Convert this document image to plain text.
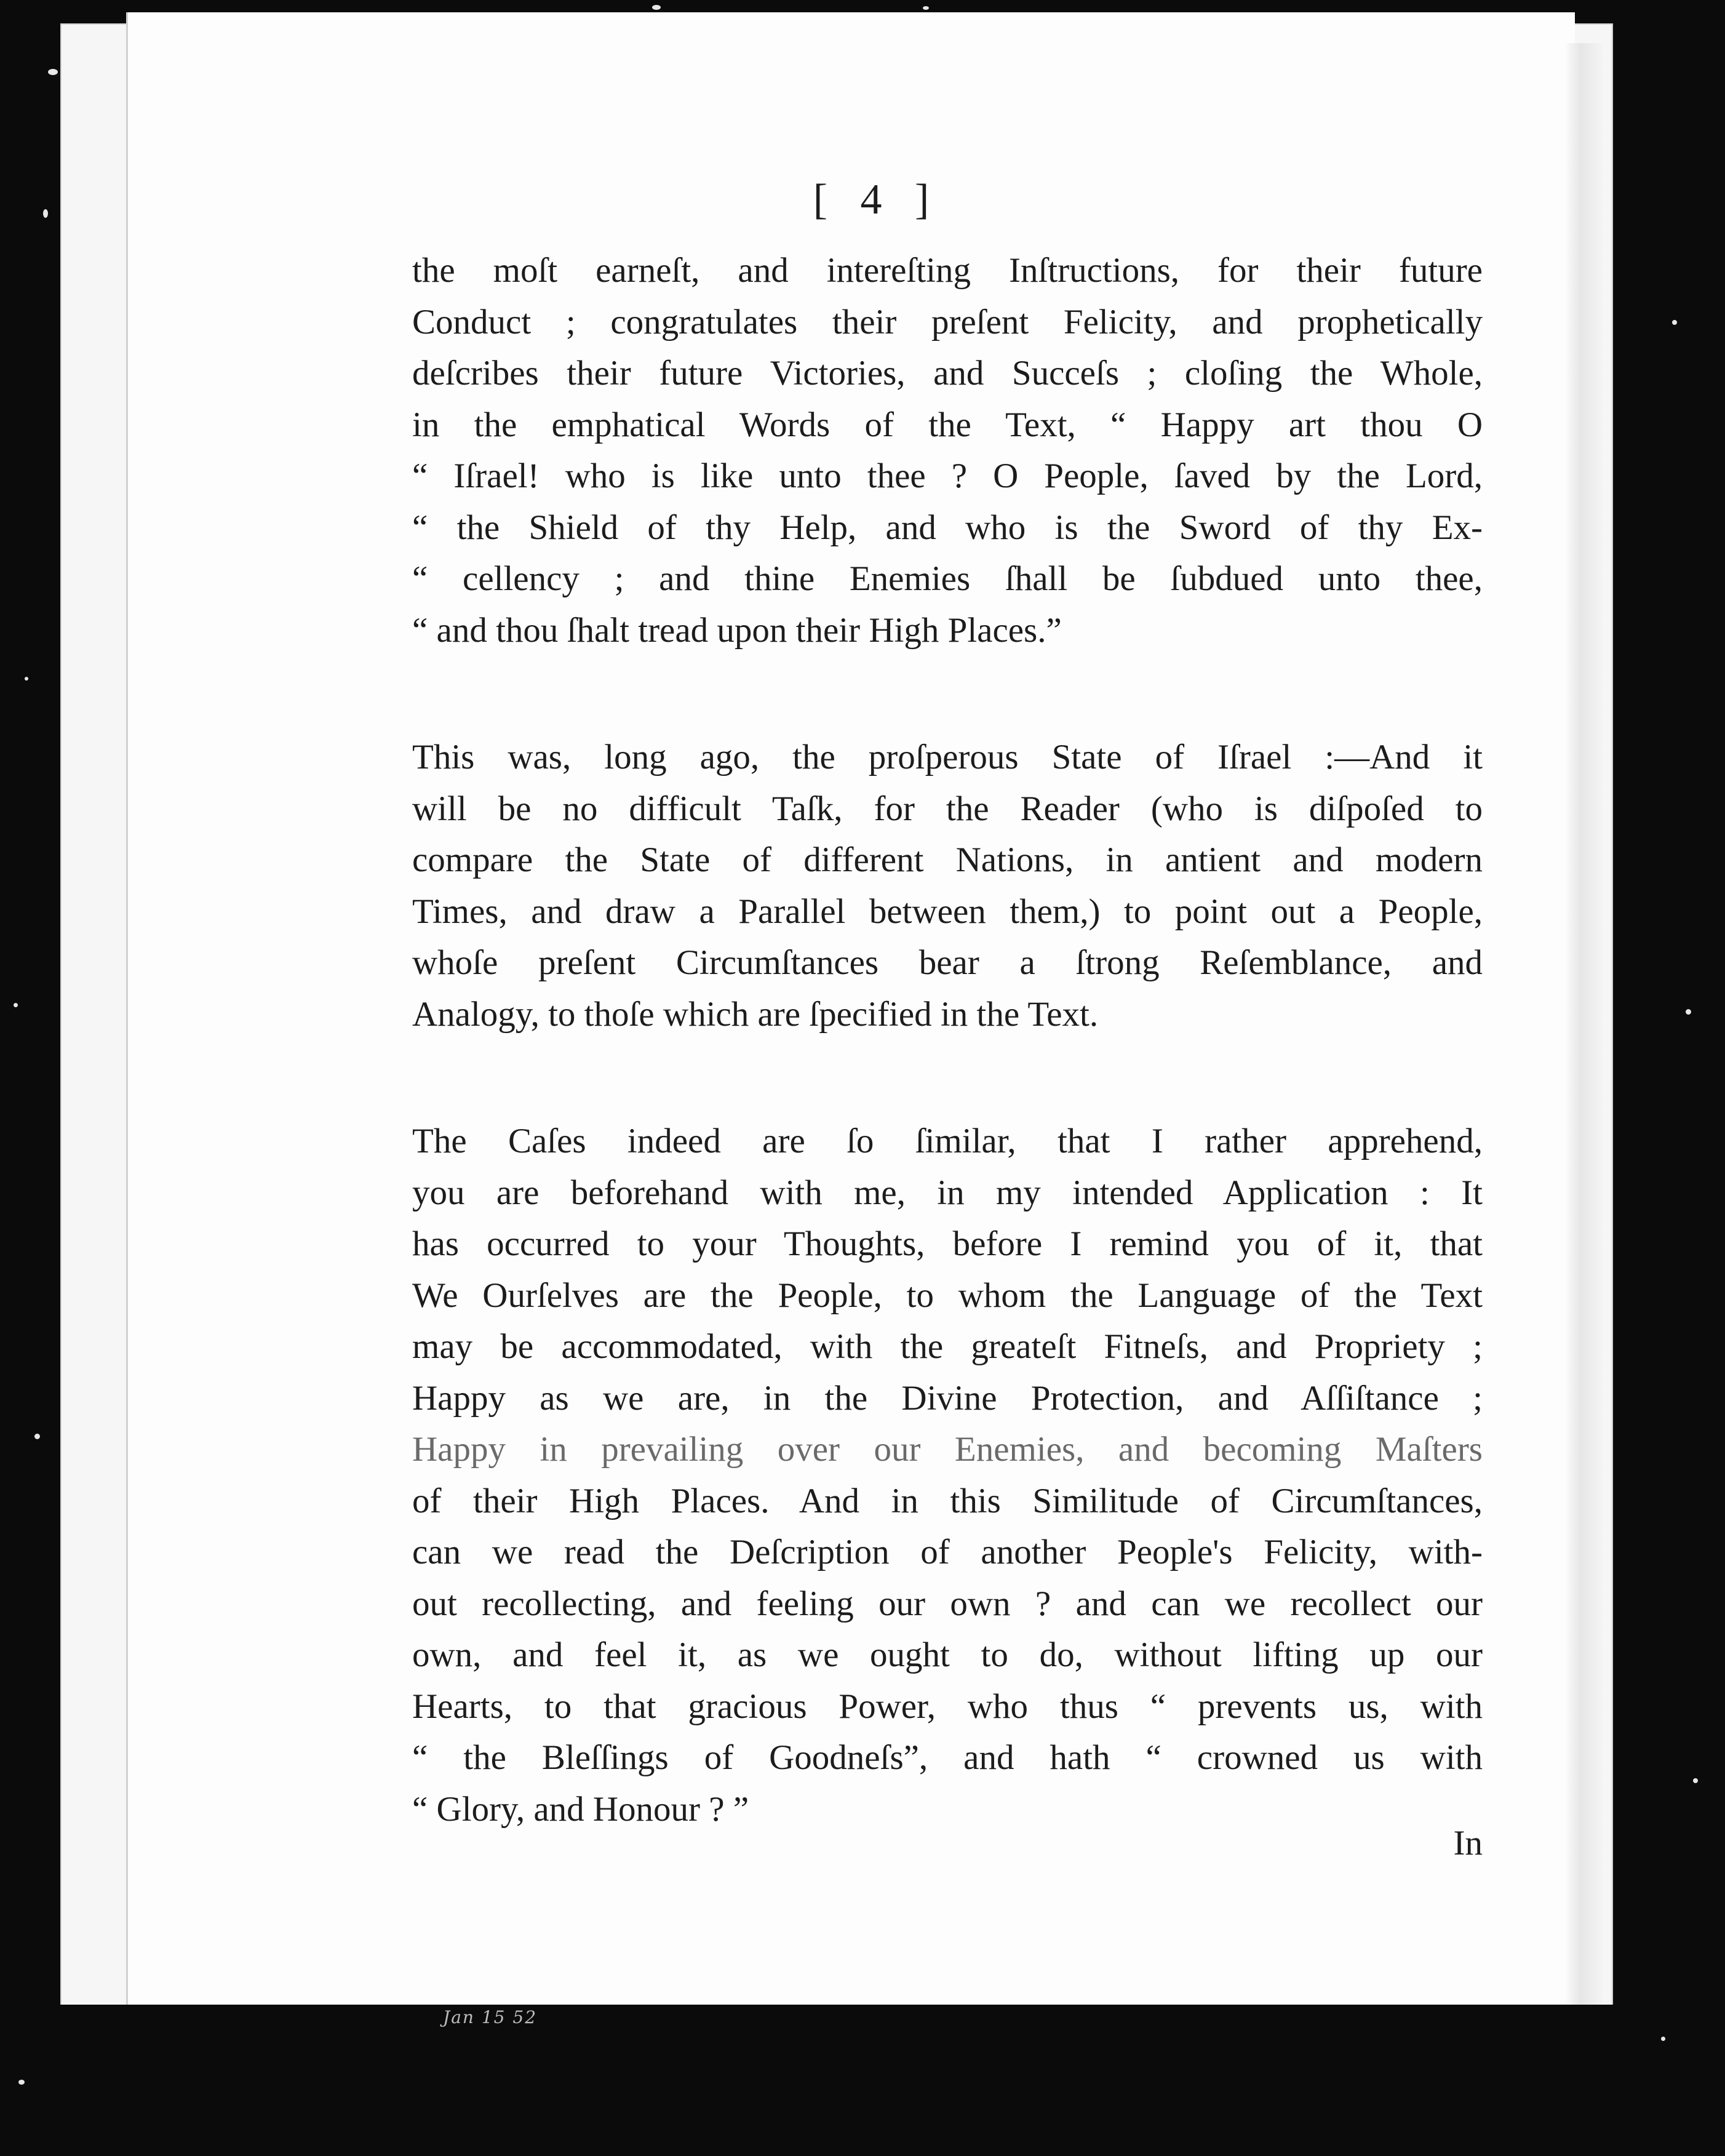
Jan 15 52
[ 4 ]

the moſt earneſt, and intereſting Inſtructions, for their future
Conduct ; congratulates their preſent Felicity, and prophetically
deſcribes their future Victories, and Succeſs ; cloſing the Whole,
in the emphatical Words of the Text, “ Happy art thou O
“ Iſrael! who is like unto thee ? O People, ſaved by the Lord,
“ the Shield of thy Help, and who is the Sword of thy Ex-
“ cellency ; and thine Enemies ſhall be ſubdued unto thee,
“ and thou ſhalt tread upon their High Places.”

This was, long ago, the proſperous State of Iſrael :—And it
will be no difficult Taſk, for the Reader (who is diſpoſed to
compare the State of different Nations, in antient and modern
Times, and draw a Parallel between them,) to point out a People,
whoſe preſent Circumſtances bear a ſtrong Reſemblance, and
Analogy, to thoſe which are ſpecified in the Text.

The Caſes indeed are ſo ſimilar, that I rather apprehend,
you are beforehand with me, in my intended Application : It
has occurred to your Thoughts, before I remind you of it, that
We Ourſelves are the People, to whom the Language of the Text
may be accommodated, with the greateſt Fitneſs, and Propriety ;
Happy as we are, in the Divine Protection, and Aſſiſtance ;
Happy in prevailing over our Enemies, and becoming Maſters
of their High Places. And in this Similitude of Circumſtances,
can we read the Deſcription of another People's Felicity, with-
out recollecting, and feeling our own ? and can we recollect our
own, and feel it, as we ought to do, without lifting up our
Hearts, to that gracious Power, who thus “ prevents us, with
“ the Bleſſings of Goodneſs”, and hath “ crowned us with
“ Glory, and Honour ? ”

In
